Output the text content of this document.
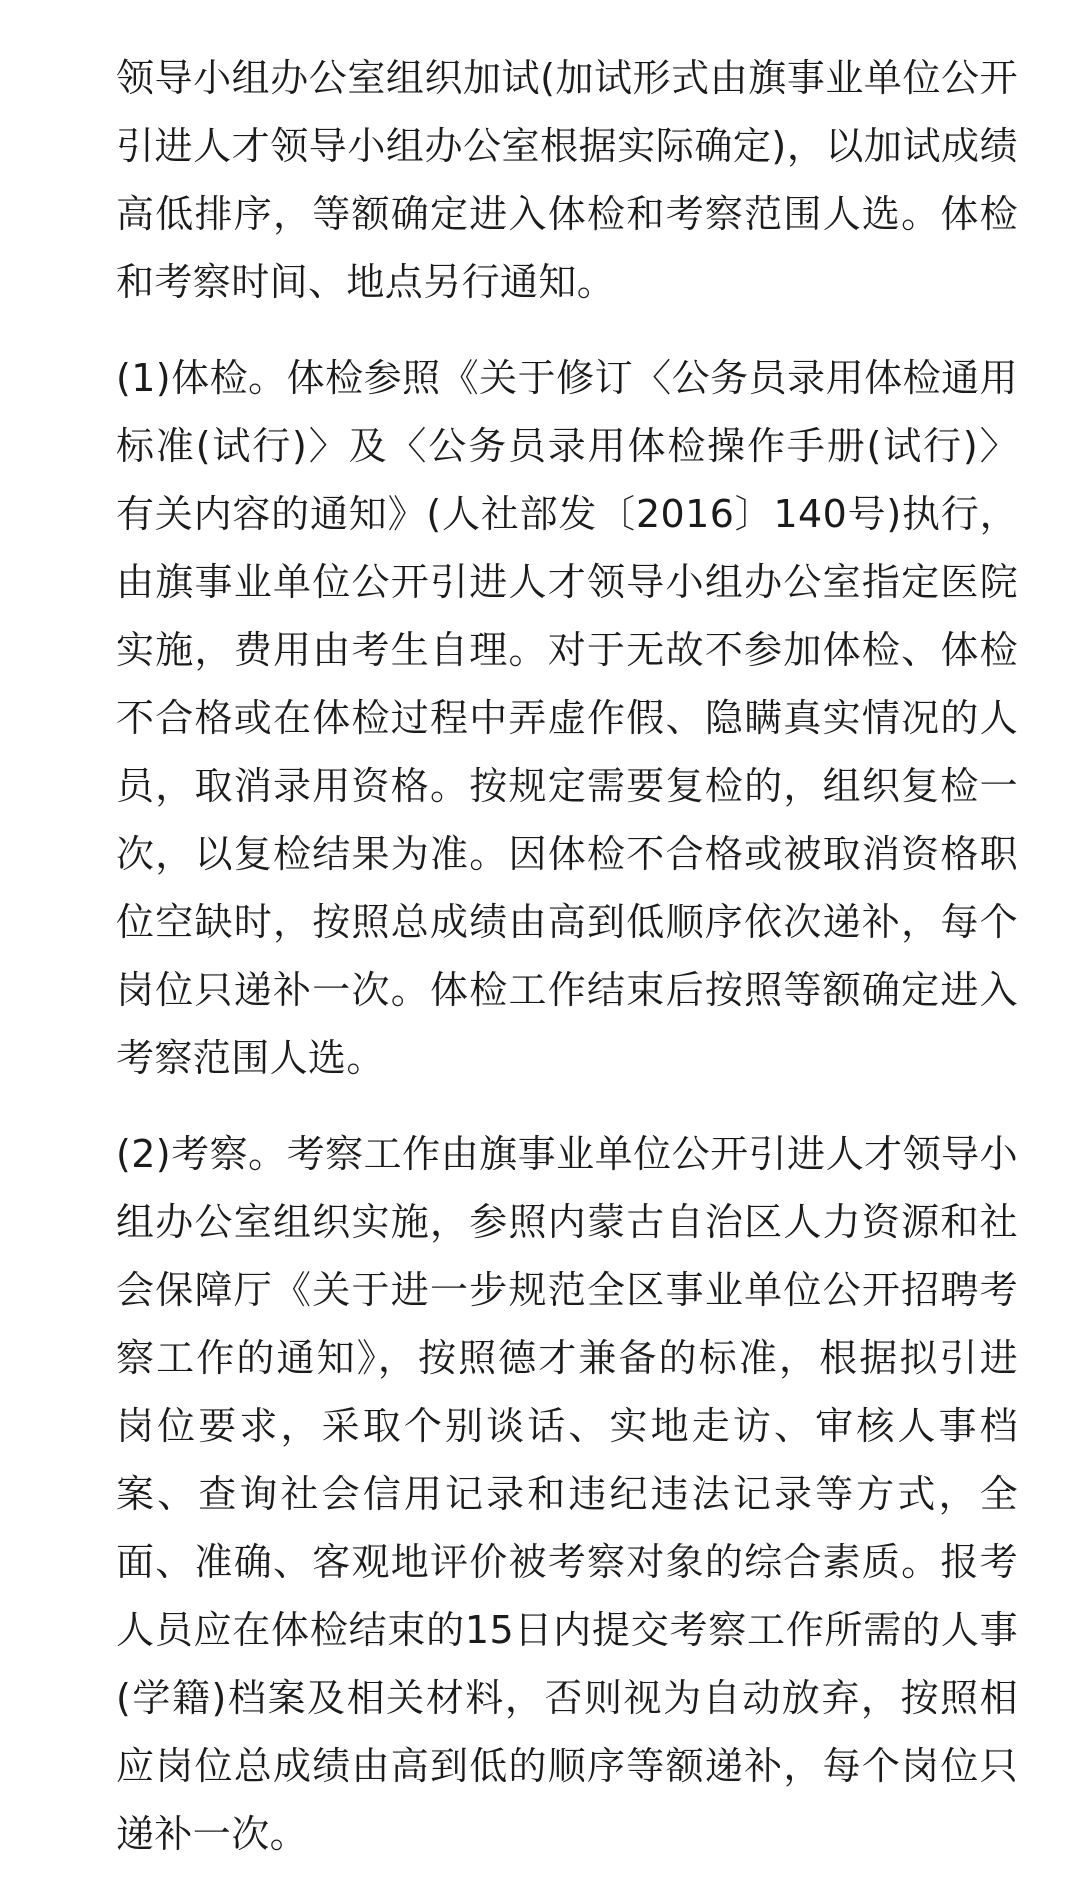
领导小组办公室组织加试(加试形式由旗事业单位公开引进人才领导小组办公室根据实际确定)，以加试成绩高低排序，等额确定进入体检和考察范围人选。体检和考察时间、地点另行通知。

(1)体检。体检参照《关于修订〈公务员录用体检通用标准(试行)〉及〈公务员录用体检操作手册(试行)〉有关内容的通知》(人社部发〔2016〕140号)执行，由旗事业单位公开引进人才领导小组办公室指定医院实施，费用由考生自理。对于无故不参加体检、体检不合格或在体检过程中弄虚作假、隐瞒真实情况的人员，取消录用资格。按规定需要复检的，组织复检一次，以复检结果为准。因体检不合格或被取消资格职位空缺时，按照总成绩由高到低顺序依次递补，每个岗位只递补一次。体检工作结束后按照等额确定进入考察范围人选。

(2)考察。考察工作由旗事业单位公开引进人才领导小组办公室组织实施，参照内蒙古自治区人力资源和社会保障厅《关于进一步规范全区事业单位公开招聘考察工作的通知》，按照德才兼备的标准，根据拟引进岗位要求，采取个别谈话、实地走访、审核人事档案、查询社会信用记录和违纪违法记录等方式，全面、准确、客观地评价被考察对象的综合素质。报考人员应在体检结束的15日内提交考察工作所需的人事(学籍)档案及相关材料，否则视为自动放弃，按照相应岗位总成绩由高到低的顺序等额递补，每个岗位只递补一次。
